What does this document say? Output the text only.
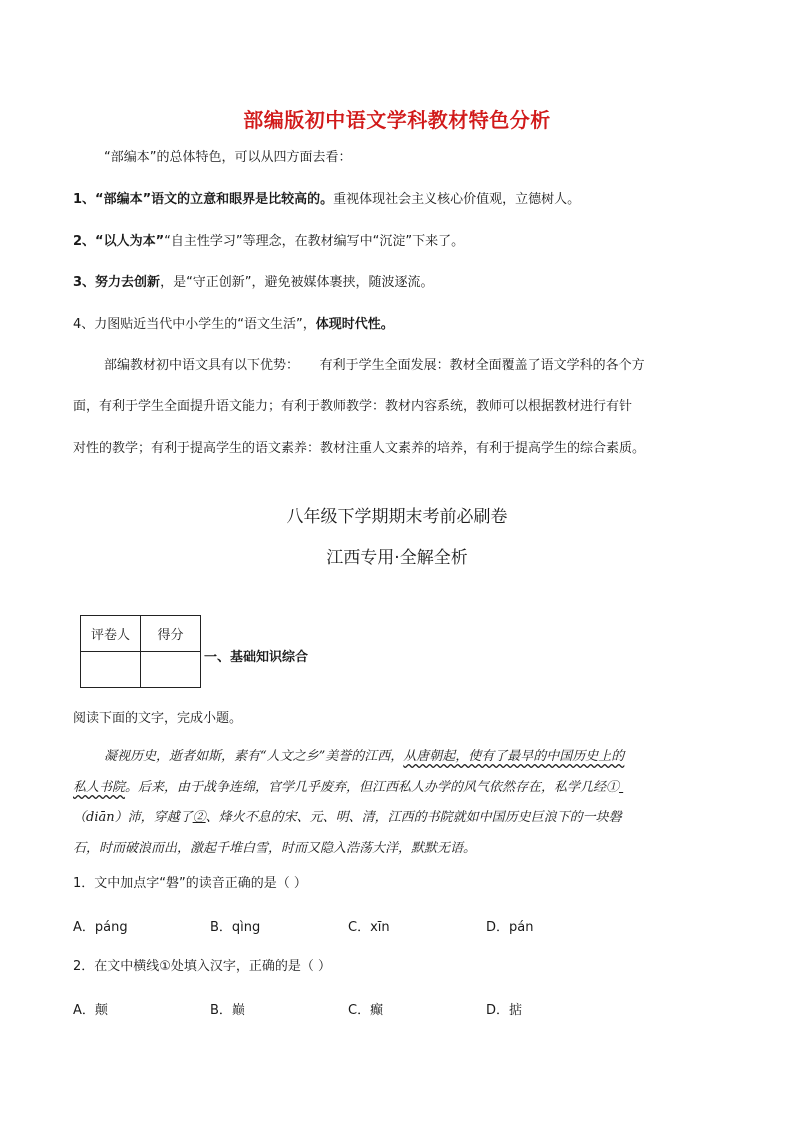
部编版初中语文学科教材特色分析
“部编本”的总体特色，可以从四方面去看：
1、“部编本”语文的立意和眼界是比较高的。重视体现社会主义核心价值观，立德树人。
2、“以人为本”“自主性学习”等理念，在教材编写中“沉淀”下来了。
3、努力去创新，是“守正创新”，避免被媒体裹挟，随波逐流。
4、力图贴近当代中小学生的“语文生活”，体现时代性。
部编教材初中语文具有以下优势：     有利于学生全面发展：教材全面覆盖了语文学科的各个方
面，有利于学生全面提升语文能力；有利于教师教学：教材内容系统，教师可以根据教材进行有针
对性的教学；有利于提高学生的语文素养：教材注重人文素养的培养，有利于提高学生的综合素质。
八年级下学期期末考前必刷卷
江西专用·全解全析
评卷人	得分

一、基础知识综合
阅读下面的文字，完成小题。
凝视历史，逝者如斯，素有“人文之乡”美誉的江西，从唐朝起，使有了最早的中国历史上的
私人书院。后来，由于战争连绵，官学几乎废弃，但江西私人办学的风气依然存在，私学几经①
（diān）沛，穿越了②、烽火不息的宋、元、明、清，江西的书院就如中国历史巨浪下的一块磐
石，时而破浪而出，激起千堆白雪，时而又隐入浩荡大洋，默默无语。
1．文中加点字“磐”的读音正确的是（ ）
A．páng	B．qìng	C．xīn	D．pán
2．在文中横线①处填入汉字，正确的是（ ）
A．颠	B．巅	C．癫	D．掂
